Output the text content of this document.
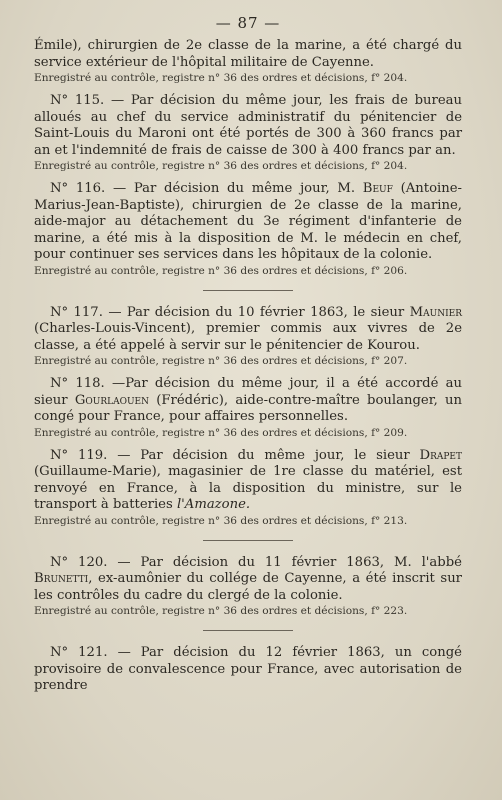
— 87 —

Émile), chirurgien de 2e classe de la marine, a été chargé du service extérieur de l'hôpital militaire de Cayenne.

Enregistré au contrôle, registre n° 36 des ordres et décisions, f° 204.

N° 115. — Par décision du même jour, les frais de bureau alloués au chef du service administratif du pénitencier de Saint-Louis du Maroni ont été portés de 300 à 360 francs par an et l'indemnité de frais de caisse de 300 à 400 francs par an.

Enregistré au contrôle, registre n° 36 des ordres et décisions, f° 204.

N° 116. — Par décision du même jour, M. Beuf (Antoine-Marius-Jean-Baptiste), chirurgien de 2e classe de la marine, aide-major au détachement du 3e régiment d'infanterie de marine, a été mis à la disposition de M. le médecin en chef, pour continuer ses services dans les hôpitaux de la colonie.

Enregistré au contrôle, registre n° 36 des ordres et décisions, f° 206.

N° 117. — Par décision du 10 février 1863, le sieur Maunier (Charles-Louis-Vincent), premier commis aux vivres de 2e classe, a été appelé à servir sur le pénitencier de Kourou.

Enregistré au contrôle, registre n° 36 des ordres et décisions, f° 207.

N° 118. —Par décision du même jour, il a été accordé au sieur Gourlaouen (Frédéric), aide-contre-maître boulanger, un congé pour France, pour affaires personnelles.

Enregistré au contrôle, registre n° 36 des ordres et décisions, f° 209.

N° 119. — Par décision du même jour, le sieur Drapet (Guillaume-Marie), magasinier de 1re classe du matériel, est renvoyé en France, à la disposition du ministre, sur le transport à batteries l'Amazone.

Enregistré au contrôle, registre n° 36 des ordres et décisions, f° 213.

N° 120. — Par décision du 11 février 1863, M. l'abbé Brunetti, ex-aumônier du collége de Cayenne, a été inscrit sur les contrôles du cadre du clergé de la colonie.

Enregistré au contrôle, registre n° 36 des ordres et décisions, f° 223.

N° 121. — Par décision du 12 février 1863, un congé provisoire de convalescence pour France, avec autorisation de prendre
